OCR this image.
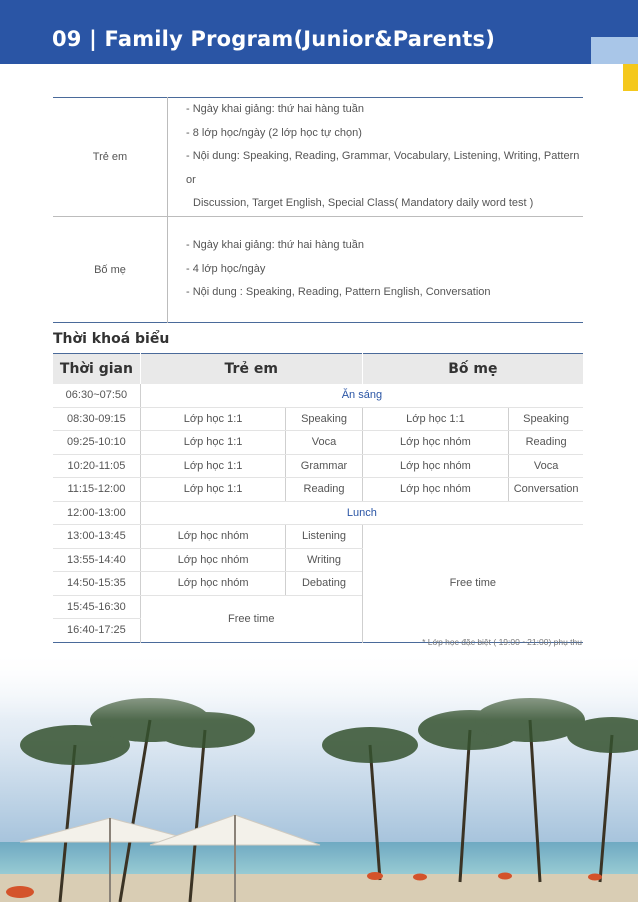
09 | Family Program(Junior&Parents)
Trẻ em	- Ngày khai giảng: thứ hai hàng tuần
- 8 lớp học/ngày (2 lớp học tự chọn)
- Nội dung: Speaking, Reading, Grammar, Vocabulary, Listening, Writing, Pattern or
Discussion, Target English, Special Class( Mandatory daily word test )

Bố mẹ	- Ngày khai giảng: thứ hai hàng tuần
- 4 lớp học/ngày
- Nội dung : Speaking, Reading, Pattern English, Conversation
Thời khoá biểu
Thời gian	Trẻ em		Bố mẹ	
06:30~07:50	Ăn sáng			
08:30-09:15	Lớp học 1:1	Speaking	Lớp học 1:1	Speaking
09:25-10:10	Lớp học 1:1	Voca	Lớp học nhóm	Reading
10:20-11:05	Lớp học 1:1	Grammar	Lớp học nhóm	Voca
11:15-12:00	Lớp học 1:1	Reading	Lớp học nhóm	Conversation
12:00-13:00	Lunch			
13:00-13:45	Lớp học nhóm	Listening	Free time	
13:55-14:40	Lớp học nhóm	Writing		
14:50-15:35	Lớp học nhóm	Debating		
15:45-16:30	Free time			
16:40-17:25				
* Lớp học đặc biệt ( 19:00 ~21:00) phụ thu
